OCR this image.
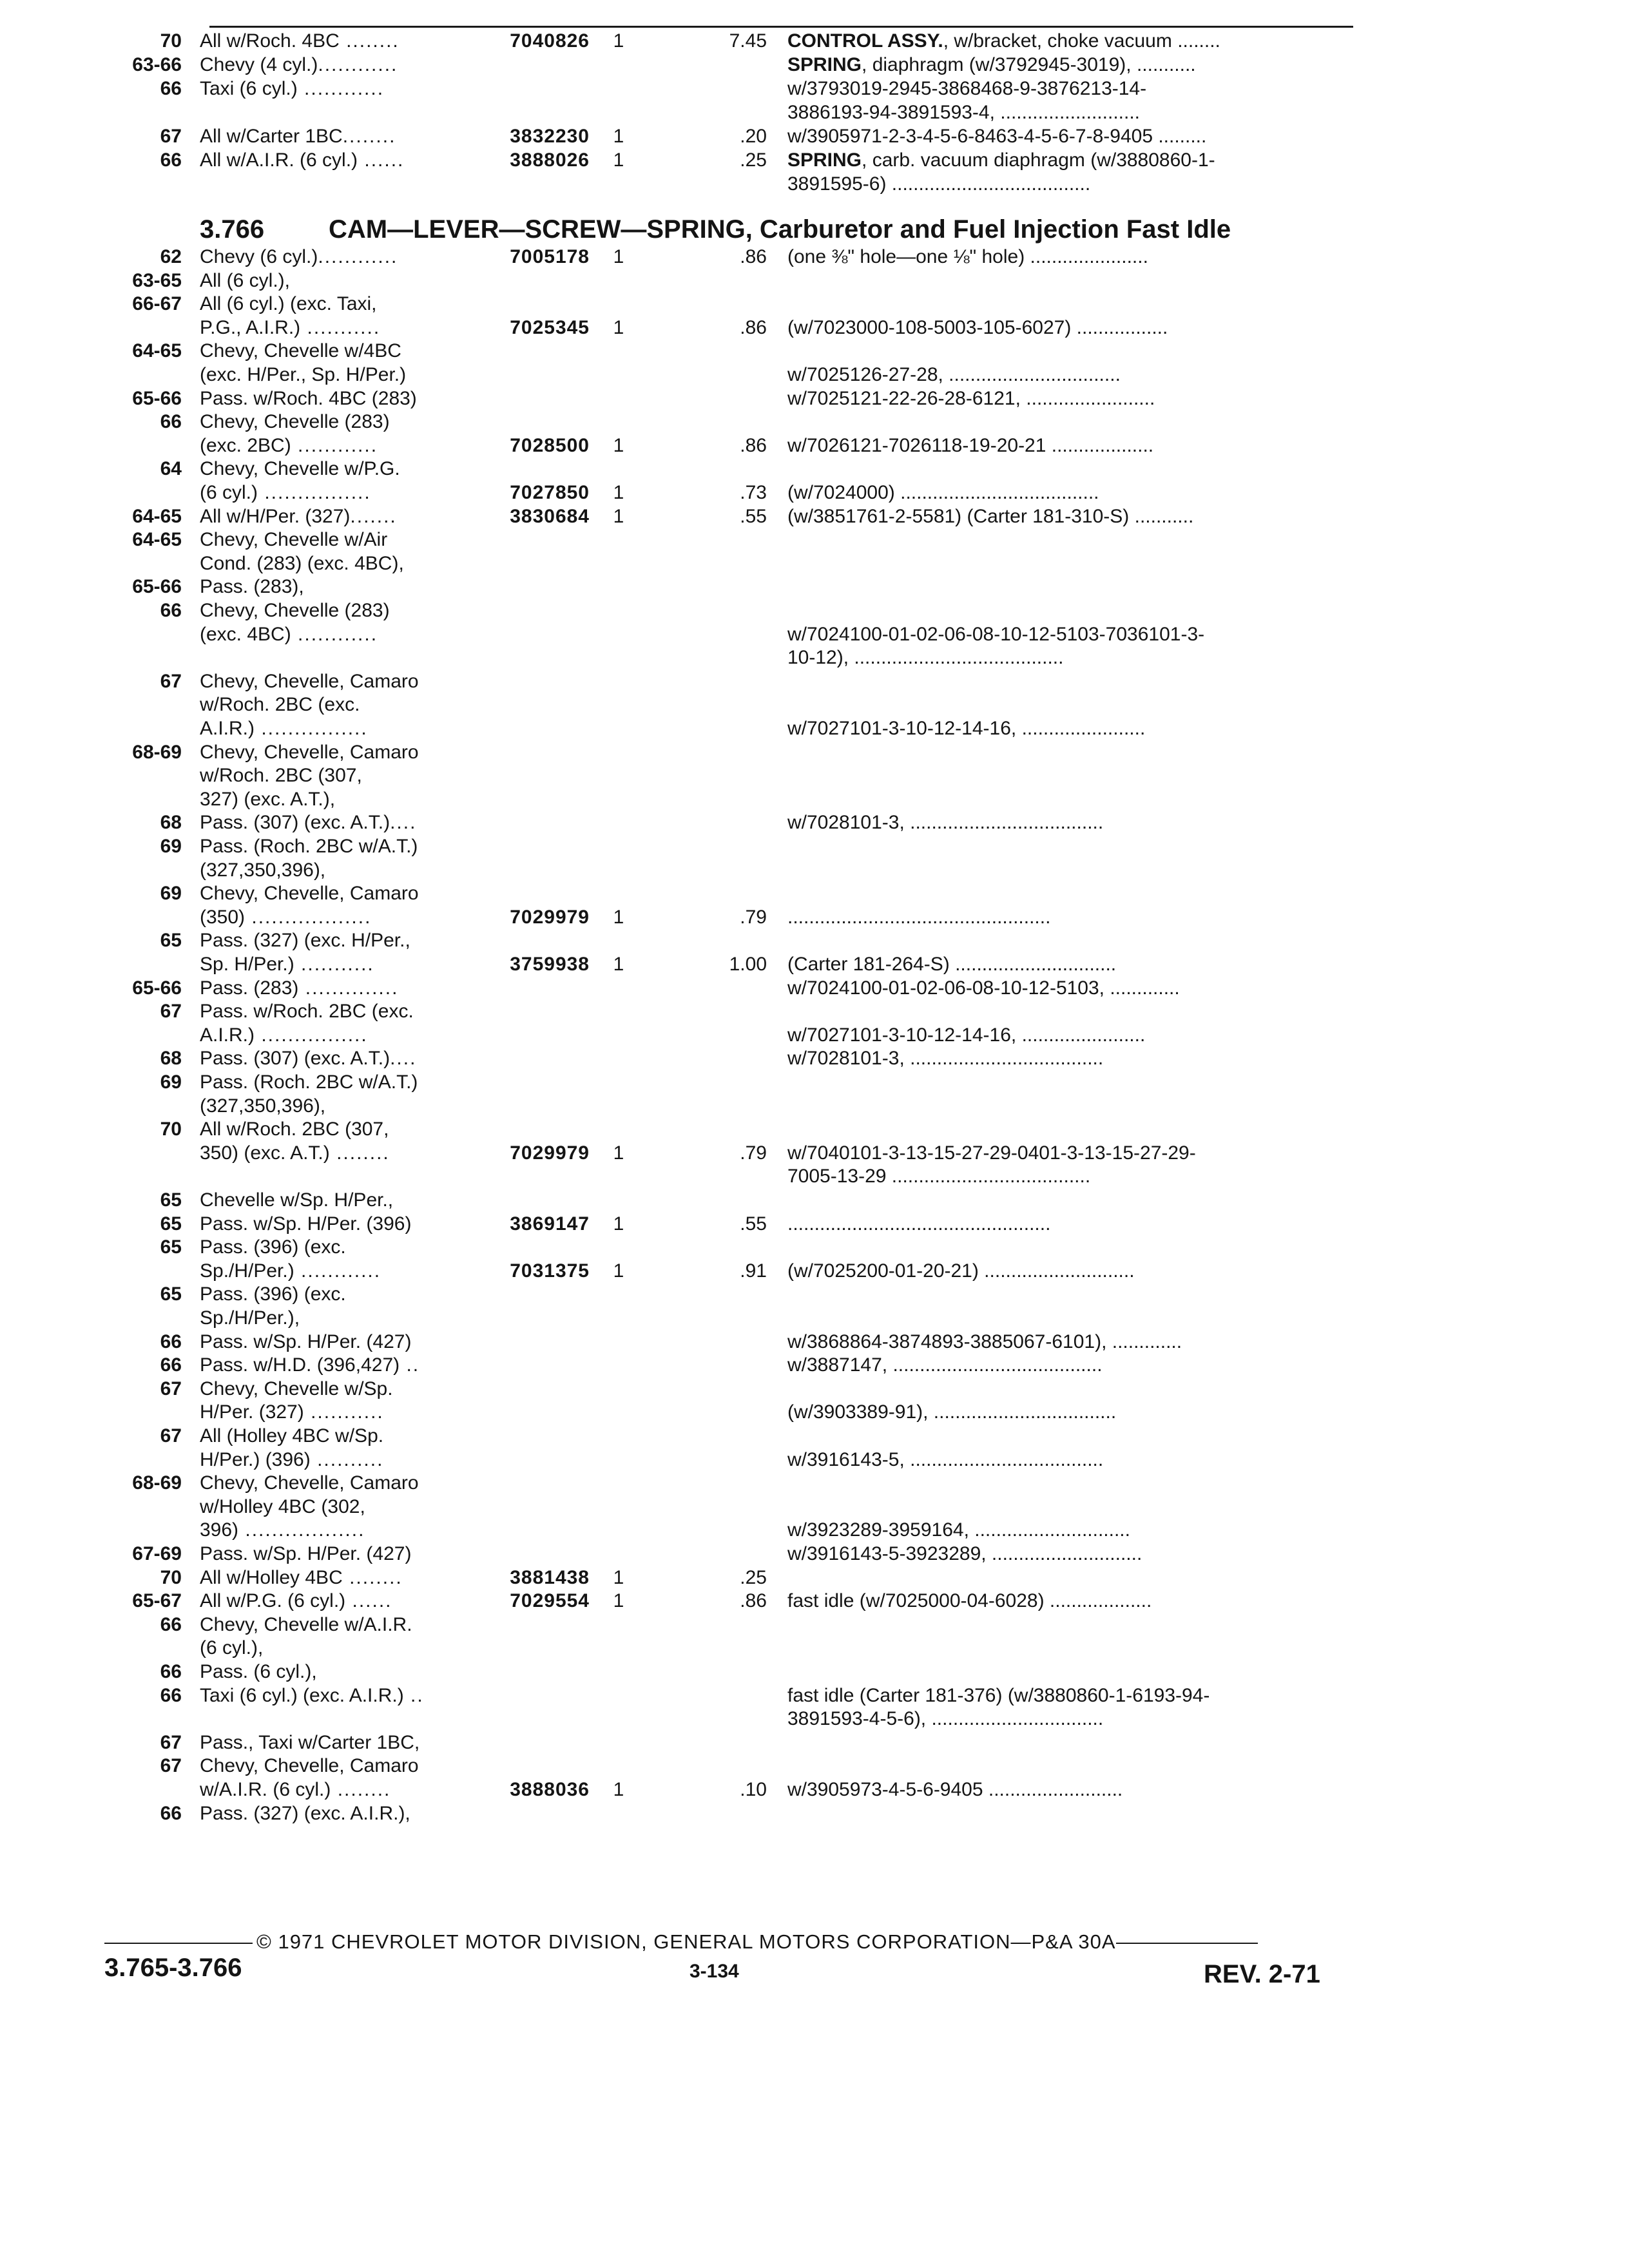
70 All w/Roch. 4BC ........	7040826	1	7.45 CONTROL ASSY., w/bracket, choke vacuum ........
63-66 Chevy (4 cyl.)............	SPRING, diaphragm (w/3792945-3019), ...........
66 Taxi (6 cyl.) ............	w/3793019-2945-3868468-9-3876213-14-
3886193-94-3891593-4, ..........................
67 All w/Carter 1BC........	3832230	1	.20 w/3905971-2-3-4-5-6-8463-4-5-6-7-8-9405 .........
66 All w/A.I.R. (6 cyl.) ......	3888026	1	.25 SPRING, carb. vacuum diaphragm (w/3880860-1-
3891595-6) .....................................
3.766 CAM—LEVER—SCREW—SPRING, Carburetor and Fuel Injection Fast Idle
62 Chevy (6 cyl.)............	7005178	1	.86 (one ⅜" hole—one ⅛" hole) ......................
63-65 All (6 cyl.),
66-67 All (6 cyl.) (exc. Taxi,
P.G., A.I.R.) ...........	7025345	1	.86 (w/7023000-108-5003-105-6027) .................
64-65 Chevy, Chevelle w/4BC
(exc. H/Per., Sp. H/Per.)	w/7025126-27-28, ................................
65-66 Pass. w/Roch. 4BC (283)	w/7025121-22-26-28-6121, ........................
66 Chevy, Chevelle (283)
(exc. 2BC) ............	7028500	1	.86 w/7026121-7026118-19-20-21 ...................
64 Chevy, Chevelle w/P.G.
(6 cyl.) ................	7027850	1	.73 (w/7024000) .....................................
64-65 All w/H/Per. (327).......	3830684	1	.55 (w/3851761-2-5581) (Carter 181-310-S) ...........
64-65 Chevy, Chevelle w/Air
Cond. (283) (exc. 4BC),
65-66 Pass. (283),
66 Chevy, Chevelle (283)
(exc. 4BC) ............	w/7024100-01-02-06-08-10-12-5103-7036101-3-
10-12), .......................................
67 Chevy, Chevelle, Camaro
w/Roch. 2BC (exc.
A.I.R.) ................	w/7027101-3-10-12-14-16, .......................
68-69 Chevy, Chevelle, Camaro
w/Roch. 2BC (307,
327) (exc. A.T.),
68 Pass. (307) (exc. A.T.)....	w/7028101-3, ....................................
69 Pass. (Roch. 2BC w/A.T.)
(327,350,396),
69 Chevy, Chevelle, Camaro
(350) ..................	7029979	1	.79 .................................................
65 Pass. (327) (exc. H/Per.,
Sp. H/Per.) ...........	3759938	1	1.00 (Carter 181-264-S) ..............................
65-66 Pass. (283) ..............	w/7024100-01-02-06-08-10-12-5103, .............
67 Pass. w/Roch. 2BC (exc.
A.I.R.) ................	w/7027101-3-10-12-14-16, .......................
68 Pass. (307) (exc. A.T.)....	w/7028101-3, ....................................
69 Pass. (Roch. 2BC w/A.T.)
(327,350,396),
70 All w/Roch. 2BC (307,
350) (exc. A.T.) ........	7029979	1	.79 w/7040101-3-13-15-27-29-0401-3-13-15-27-29-
7005-13-29 .....................................
65 Chevelle w/Sp. H/Per.,
65 Pass. w/Sp. H/Per. (396)	3869147	1	.55 .................................................
65 Pass. (396) (exc.
Sp./H/Per.) ............	7031375	1	.91 (w/7025200-01-20-21) ............................
65 Pass. (396) (exc.
Sp./H/Per.),
66 Pass. w/Sp. H/Per. (427)	w/3868864-3874893-3885067-6101), .............
66 Pass. w/H.D. (396,427) ..	w/3887147, .......................................
67 Chevy, Chevelle w/Sp.
H/Per. (327) ...........	(w/3903389-91), ..................................
67 All (Holley 4BC w/Sp.
H/Per.) (396) ..........	w/3916143-5, ....................................
68-69 Chevy, Chevelle, Camaro
w/Holley 4BC (302,
396) ..................	w/3923289-3959164, .............................
67-69 Pass. w/Sp. H/Per. (427)	w/3916143-5-3923289, ............................
70 All w/Holley 4BC ........	3881438	1	.25
65-67 All w/P.G. (6 cyl.) ......	7029554	1	.86 fast idle (w/7025000-04-6028) ...................
66 Chevy, Chevelle w/A.I.R.
(6 cyl.),
66 Pass. (6 cyl.),
66 Taxi (6 cyl.) (exc. A.I.R.) ..	fast idle (Carter 181-376) (w/3880860-1-6193-94-
3891593-4-5-6), ................................
67 Pass., Taxi w/Carter 1BC,
67 Chevy, Chevelle, Camaro
w/A.I.R. (6 cyl.) ........	3888036	1	.10 w/3905973-4-5-6-9405 .........................
66 Pass. (327) (exc. A.I.R.),
© 1971 CHEVROLET MOTOR DIVISION, GENERAL MOTORS CORPORATION—P&A 30A
3.765-3.766	3-134	REV. 2-71
